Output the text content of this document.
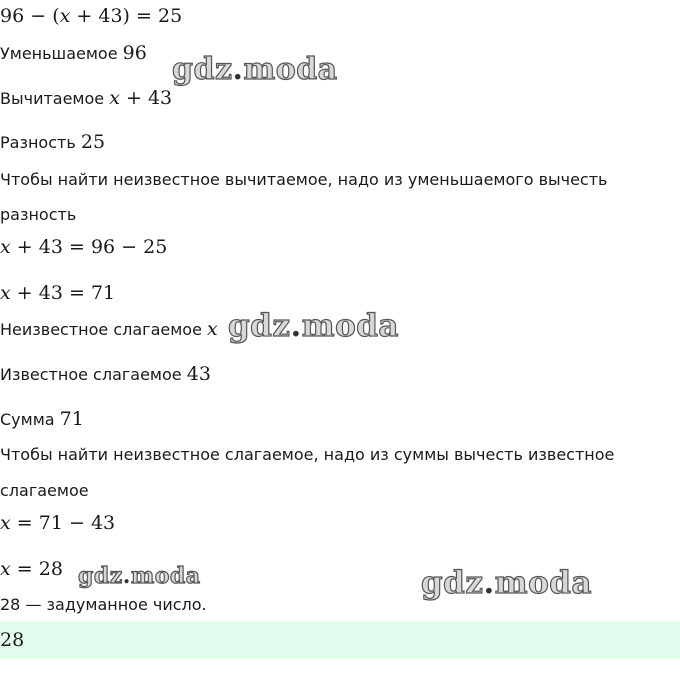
96 − (x + 43) = 25
Уменьшаемое 96
Вычитаемое x + 43
Разность 25
Чтобы найти неизвестное вычитаемое, надо из уменьшаемого вычесть
разность
x + 43 = 96 − 25
x + 43 = 71
Неизвестное слагаемое x
Известное слагаемое 43
Сумма 71
Чтобы найти неизвестное слагаемое, надо из суммы вычесть известное
слагаемое
x = 71 − 43
x = 28
28 — задуманное число.
28
gdz.moda
gdz.moda
gdz.moda	gdz.moda
